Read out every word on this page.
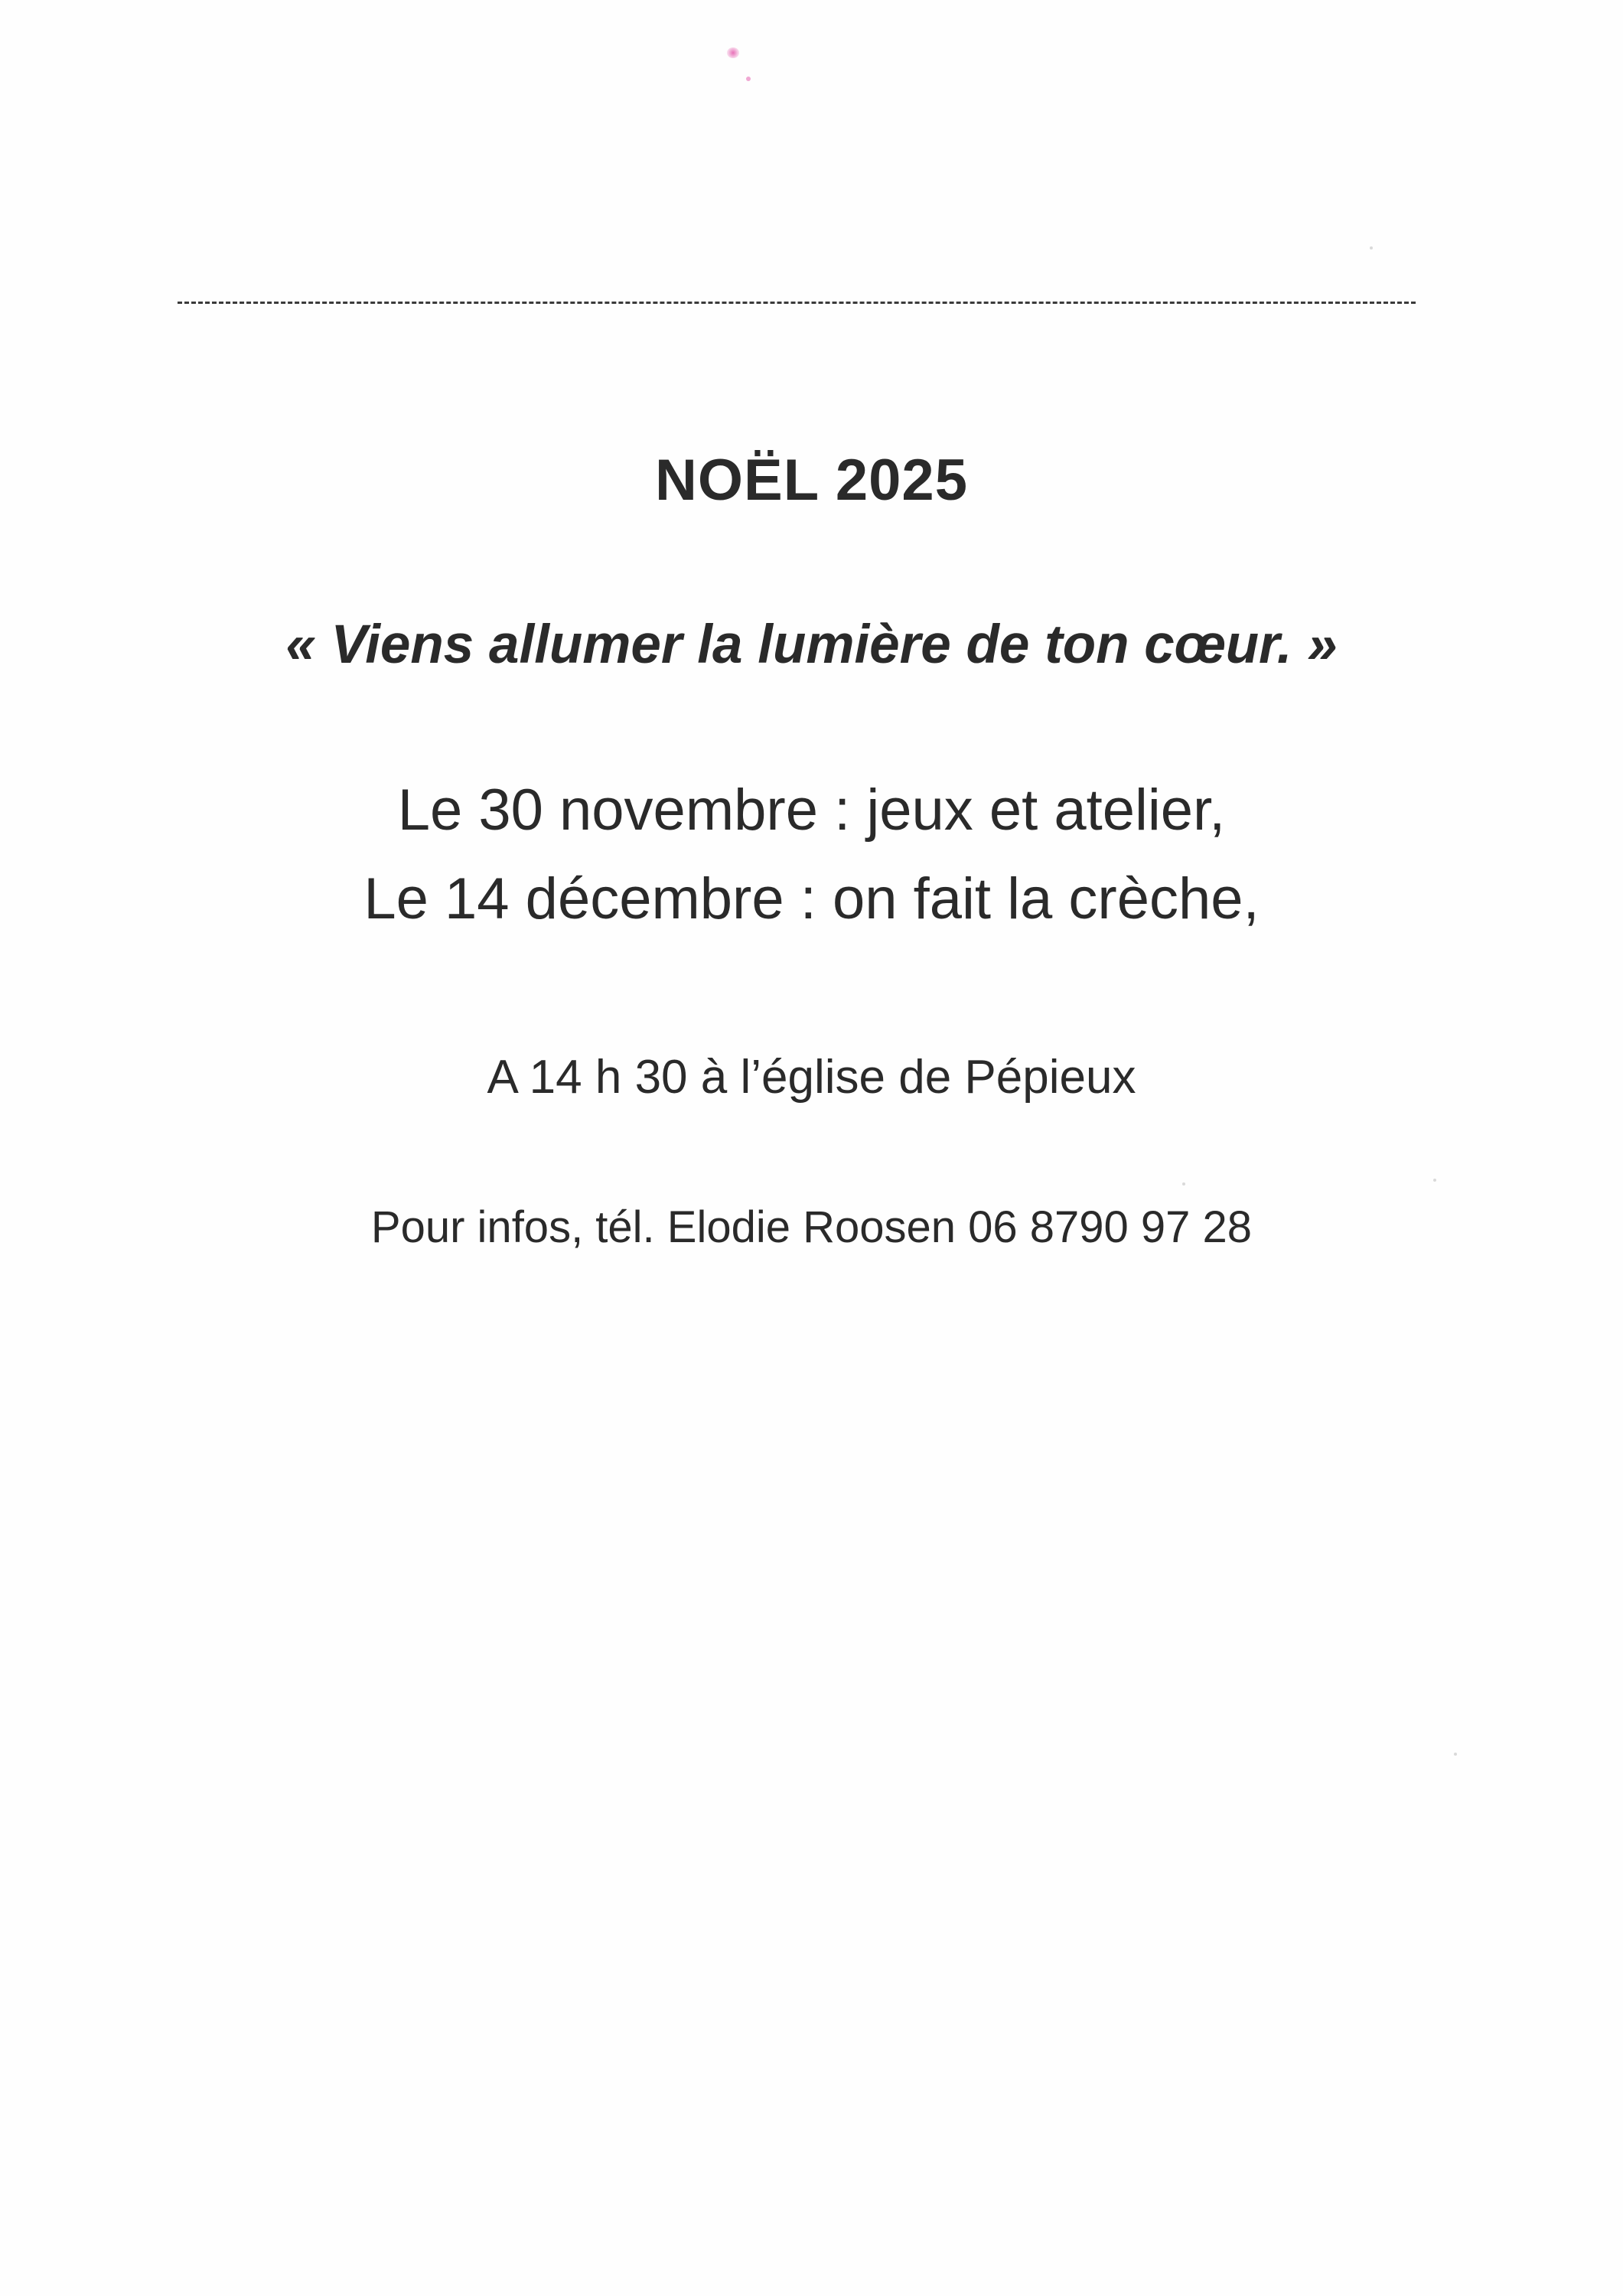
NOËL 2025

« Viens allumer la lumière de ton cœur. »

Le 30 novembre : jeux et atelier,

Le 14 décembre : on fait la crèche,

A 14 h 30 à l’église de Pépieux

Pour infos, tél. Elodie Roosen 06 8790 97 28
